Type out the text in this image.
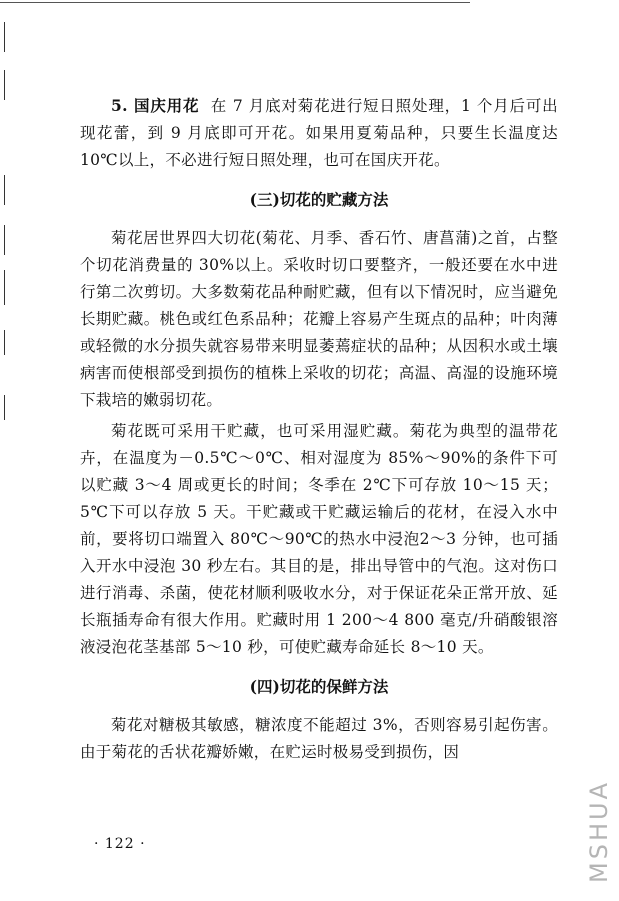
5. 国庆用花 在 7 月底对菊花进行短日照处理，1 个月后可出现花蕾，到 9 月底即可开花。如果用夏菊品种，只要生长温度达 10℃以上，不必进行短日照处理，也可在国庆开花。

(三)切花的贮藏方法

菊花居世界四大切花(菊花、月季、香石竹、唐菖蒲)之首，占整个切花消费量的 30%以上。采收时切口要整齐，一般还要在水中进行第二次剪切。大多数菊花品种耐贮藏，但有以下情况时，应当避免长期贮藏。桃色或红色系品种；花瓣上容易产生斑点的品种；叶肉薄或轻微的水分损失就容易带来明显萎蔫症状的品种；从因积水或土壤病害而使根部受到损伤的植株上采收的切花；高温、高湿的设施环境下栽培的嫩弱切花。

菊花既可采用干贮藏，也可采用湿贮藏。菊花为典型的温带花卉，在温度为－0.5℃～0℃、相对湿度为 85%～90%的条件下可以贮藏 3～4 周或更长的时间；冬季在 2℃下可存放 10～15 天；5℃下可以存放 5 天。干贮藏或干贮藏运输后的花材，在浸入水中前，要将切口端置入 80℃～90℃的热水中浸泡2～3 分钟，也可插入开水中浸泡 30 秒左右。其目的是，排出导管中的气泡。这对伤口进行消毒、杀菌，使花材顺利吸收水分，对于保证花朵正常开放、延长瓶插寿命有很大作用。贮藏时用 1 200～4 800 毫克/升硝酸银溶液浸泡花茎基部 5～10 秒，可使贮藏寿命延长 8～10 天。

(四)切花的保鲜方法

菊花对糖极其敏感，糖浓度不能超过 3%，否则容易引起伤害。由于菊花的舌状花瓣娇嫩，在贮运时极易受到损伤，因

· 122 ·	MSHUA
